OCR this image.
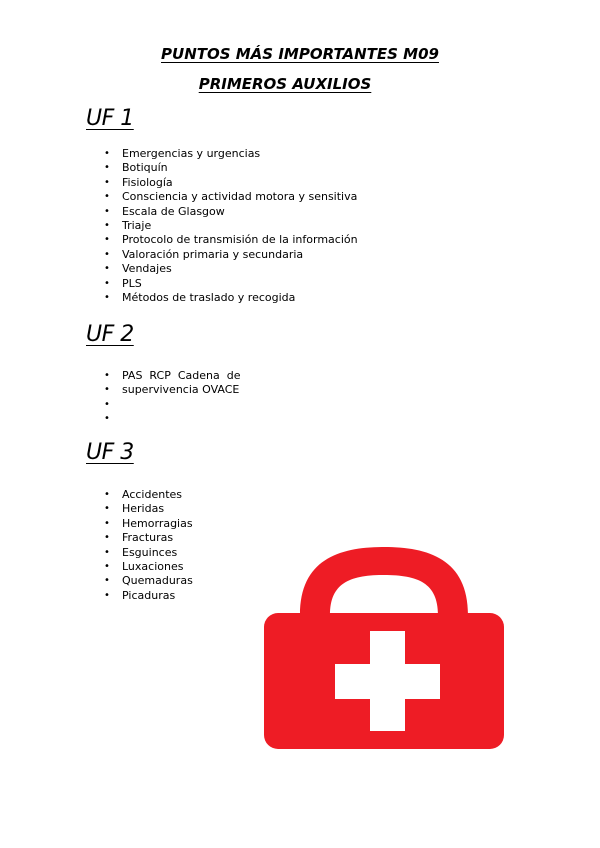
PUNTOS MÁS IMPORTANTES M09
PRIMEROS AUXILIOS
UF 1
• Emergencias y urgencias
• Botiquín
• Fisiología
• Consciencia y actividad motora y sensitiva
• Escala de Glasgow
• Triaje
• Protocolo de transmisión de la información
• Valoración primaria y secundaria
• Vendajes
• PLS
• Métodos de traslado y recogida
UF 2
• PAS  RCP  Cadena  de
• supervivencia OVACE
•
•
UF 3
• Accidentes
• Heridas
• Hemorragias
• Fracturas
• Esguinces
• Luxaciones
• Quemaduras
• Picaduras
